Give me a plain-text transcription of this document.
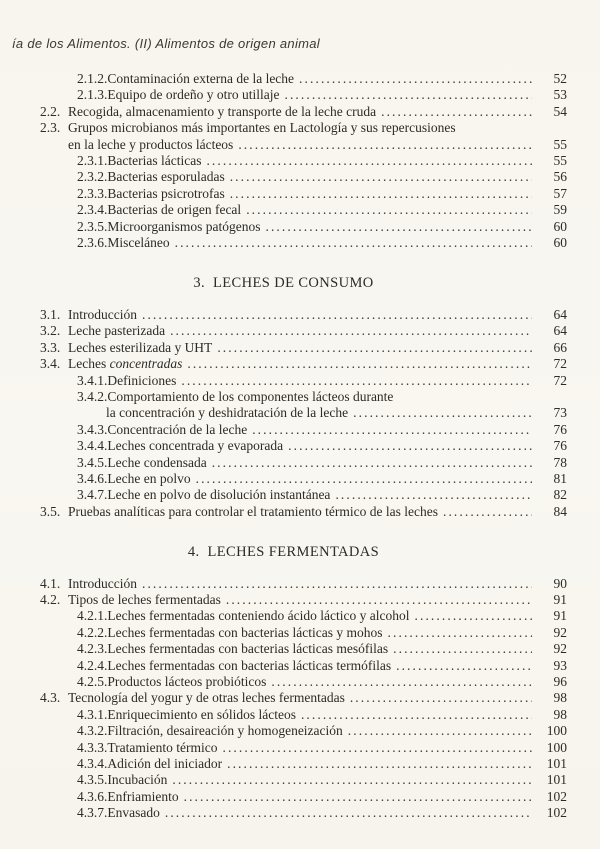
ía de los Alimentos. (II) Alimentos de origen animal
2.1.2. Contaminación externa de la leche .....	52
2.1.3. Equipo de ordeño y otro utillaje .....	53
2.2. Recogida, almacenamiento y transporte de la leche cruda .....	54
2.3. Grupos microbianos más importantes en Lactología y sus repercusiones
en la leche y productos lácteos .....	55
2.3.1. Bacterias lácticas .....	55
2.3.2. Bacterias esporuladas .....	56
2.3.3. Bacterias psicrotrofas .....	57
2.3.4. Bacterias de origen fecal .....	59
2.3.5. Microorganismos patógenos .....	60
2.3.6. Misceláneo .....	60
3. LECHES DE CONSUMO
3.1. Introducción .....	64
3.2. Leche pasterizada .....	64
3.3. Leches esterilizada y UHT .....	66
3.4. Leches concentradas .....	72
3.4.1. Definiciones .....	72
3.4.2. Comportamiento de los componentes lácteos durante
la concentración y deshidratación de la leche .....	73
3.4.3. Concentración de la leche .....	76
3.4.4. Leches concentrada y evaporada .....	76
3.4.5. Leche condensada .....	78
3.4.6. Leche en polvo .....	81
3.4.7. Leche en polvo de disolución instantánea .....	82
3.5. Pruebas analíticas para controlar el tratamiento térmico de las leches .....	84
4. LECHES FERMENTADAS
4.1. Introducción .....	90
4.2. Tipos de leches fermentadas .....	91
4.2.1. Leches fermentadas conteniendo ácido láctico y alcohol .....	91
4.2.2. Leches fermentadas con bacterias lácticas y mohos .....	92
4.2.3. Leches fermentadas con bacterias lácticas mesófilas .....	92
4.2.4. Leches fermentadas con bacterias lácticas termófilas .....	93
4.2.5. Productos lácteos probióticos .....	96
4.3. Tecnología del yogur y de otras leches fermentadas .....	98
4.3.1. Enriquecimiento en sólidos lácteos .....	98
4.3.2. Filtración, desaireación y homogeneización .....	100
4.3.3. Tratamiento térmico .....	100
4.3.4. Adición del iniciador .....	101
4.3.5. Incubación .....	101
4.3.6. Enfriamiento .....	102
4.3.7. Envasado .....	102
